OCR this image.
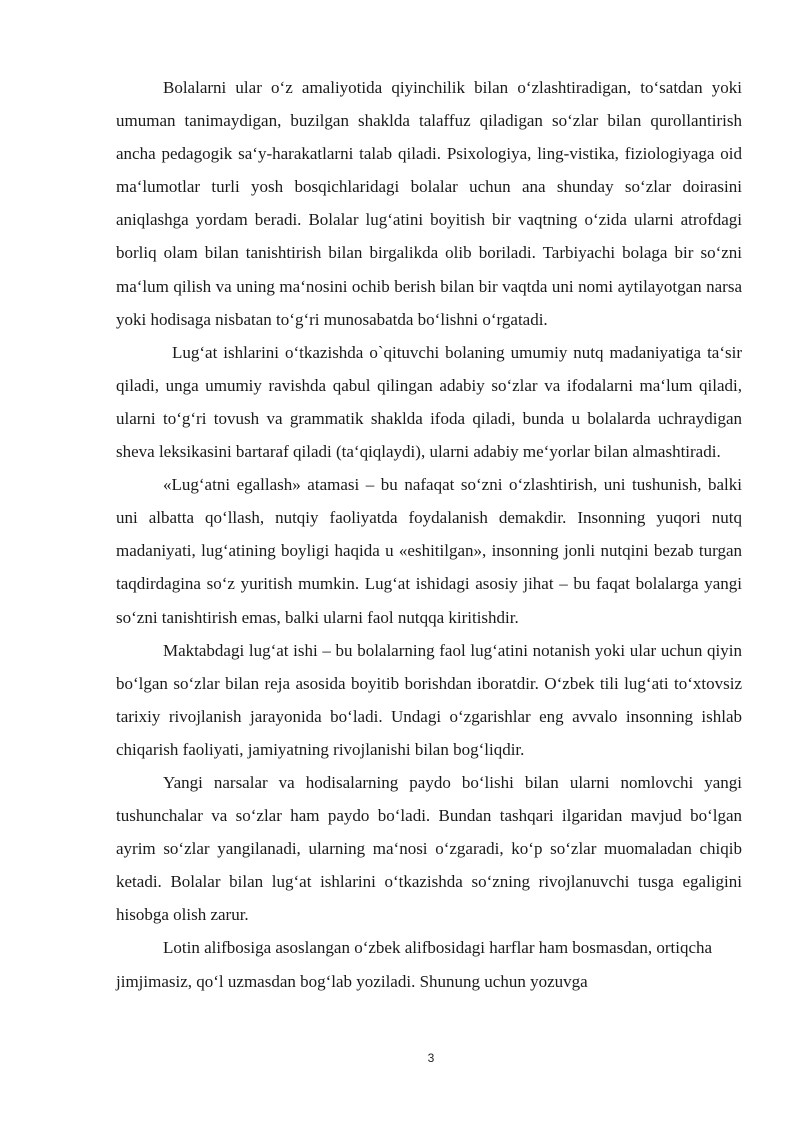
Bolalarni ular o‘z amaliyotida qiyinchilik bilan o‘zlashtiradigan, to‘satdan yoki umuman tanimaydigan, buzilgan shaklda talaffuz qiladigan so‘zlar bilan qurollantirish ancha pedagogik sa‘y-harakatlarni talab qiladi. Psixologiya, ling-vistika, fiziologiyaga oid ma‘lumotlar turli yosh bosqichlaridagi bolalar uchun ana shunday so‘zlar doirasini aniqlashga yordam beradi. Bolalar lug‘atini boyitish bir vaqtning o‘zida ularni atrofdagi borliq olam bilan tanishtirish bilan birgalikda olib boriladi. Tarbiyachi bolaga bir so‘zni ma‘lum qilish va uning ma‘nosini ochib berish bilan bir vaqtda uni nomi aytilayotgan narsa yoki hodisaga nisbatan to‘g‘ri munosabatda bo‘lishni o‘rgatadi.

Lug‘at ishlarini o‘tkazishda o`qituvchi bolaning umumiy nutq madaniyatiga ta‘sir qiladi, unga umumiy ravishda qabul qilingan adabiy so‘zlar va ifodalarni ma‘lum qiladi, ularni to‘g‘ri tovush va grammatik shaklda ifoda qiladi, bunda u bolalarda uchraydigan sheva leksikasini bartaraf qiladi (ta‘qiqlaydi), ularni adabiy me‘yorlar bilan almashtiradi.

«Lug‘atni egallash» atamasi – bu nafaqat so‘zni o‘zlashtirish, uni tushunish, balki uni albatta qo‘llash, nutqiy faoliyatda foydalanish demakdir. Insonning yuqori nutq madaniyati, lug‘atining boyligi haqida u «eshitilgan», insonning jonli nutqini bezab turgan taqdirdagina so‘z yuritish mumkin. Lug‘at ishidagi asosiy jihat – bu faqat bolalarga yangi so‘zni tanishtirish emas, balki ularni faol nutqqa kiritishdir.

Maktabdagi lug‘at ishi – bu bolalarning faol lug‘atini notanish yoki ular uchun qiyin bo‘lgan so‘zlar bilan reja asosida boyitib borishdan iboratdir. O‘zbek tili lug‘ati to‘xtovsiz tarixiy rivojlanish jarayonida bo‘ladi. Undagi o‘zgarishlar eng avvalo insonning ishlab chiqarish faoliyati, jamiyatning rivojlanishi bilan bog‘liqdir.

Yangi narsalar va hodisalarning paydo bo‘lishi bilan ularni nomlovchi yangi tushunchalar va so‘zlar ham paydo bo‘ladi. Bundan tashqari ilgaridan mavjud bo‘lgan ayrim so‘zlar yangilanadi, ularning ma‘nosi o‘zgaradi, ko‘p so‘zlar muomaladan chiqib ketadi. Bolalar bilan lug‘at ishlarini o‘tkazishda so‘zning rivojlanuvchi tusga egaligini hisobga olish zarur.

Lotin alifbosiga asoslangan o‘zbek alifbosidagi harflar ham bosmasdan, ortiqcha jimjimasiz, qo‘l uzmasdan bog‘lab yoziladi. Shunung uchun yozuvga

3
